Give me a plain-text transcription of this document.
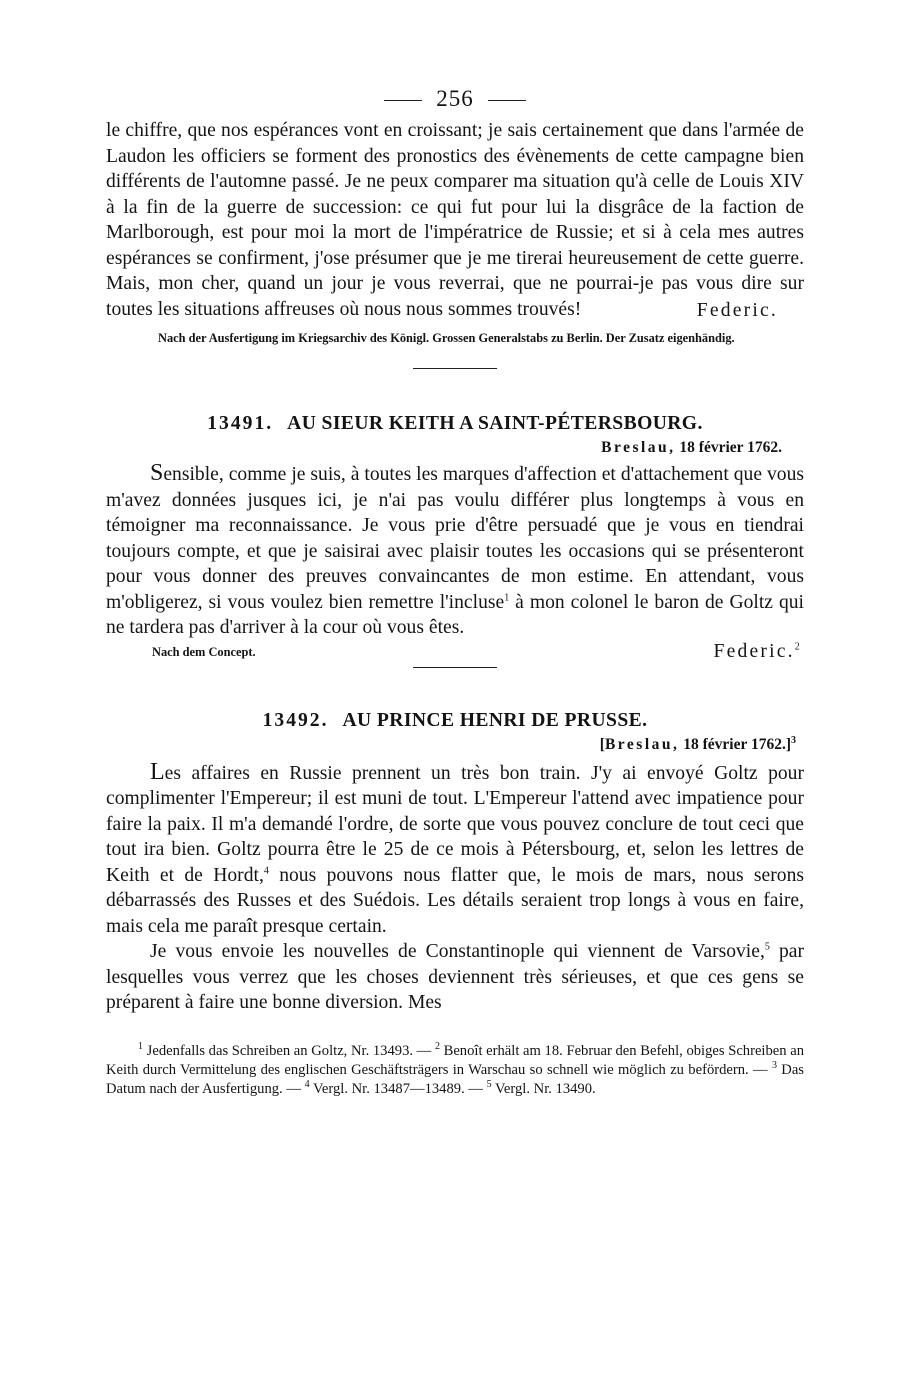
256

le chiffre, que nos espérances vont en croissant; je sais certainement que dans l'armée de Laudon les officiers se forment des pronostics des évènements de cette campagne bien différents de l'automne passé. Je ne peux comparer ma situation qu'à celle de Louis XIV à la fin de la guerre de succession: ce qui fut pour lui la disgrâce de la faction de Marlborough, est pour moi la mort de l'impératrice de Russie; et si à cela mes autres espérances se confirment, j'ose présumer que je me tirerai heureusement de cette guerre. Mais, mon cher, quand un jour je vous reverrai, que ne pourrai-je pas vous dire sur toutes les situations affreuses où nous nous sommes trouvés!	Federic.

Nach der Ausfertigung im Kriegsarchiv des Königl. Grossen Generalstabs zu Berlin. Der Zusatz eigenhändig.

13491. AU SIEUR KEITH A SAINT-PÉTERSBOURG.

Breslau, 18 février 1762.

Sensible, comme je suis, à toutes les marques d'affection et d'attachement que vous m'avez données jusques ici, je n'ai pas voulu différer plus longtemps à vous en témoigner ma reconnaissance. Je vous prie d'être persuadé que je vous en tiendrai toujours compte, et que je saisirai avec plaisir toutes les occasions qui se présenteront pour vous donner des preuves convaincantes de mon estime. En attendant, vous m'obligerez, si vous voulez bien remettre l'incluse$^1$ à mon colonel le baron de Goltz qui ne tardera pas d'arriver à la cour où vous êtes.

Nach dem Concept.	Federic.$^2$
13492. AU PRINCE HENRI DE PRUSSE.

[Breslau, 18 février 1762.]$^3$

Les affaires en Russie prennent un très bon train. J'y ai envoyé Goltz pour complimenter l'Empereur; il est muni de tout. L'Empereur l'attend avec impatience pour faire la paix. Il m'a demandé l'ordre, de sorte que vous pouvez conclure de tout ceci que tout ira bien. Goltz pourra être le 25 de ce mois à Pétersbourg, et, selon les lettres de Keith et de Hordt,$^4$ nous pouvons nous flatter que, le mois de mars, nous serons débarrassés des Russes et des Suédois. Les détails seraient trop longs à vous en faire, mais cela me paraît presque certain.

Je vous envoie les nouvelles de Constantinople qui viennent de Varsovie,$^5$ par lesquelles vous verrez que les choses deviennent très sérieuses, et que ces gens se préparent à faire une bonne diversion. Mes

$^1$ Jedenfalls das Schreiben an Goltz, Nr. 13493. — $^2$ Benoît erhält am 18. Februar den Befehl, obiges Schreiben an Keith durch Vermittelung des englischen Geschäftsträgers in Warschau so schnell wie möglich zu befördern. — $^3$ Das Datum nach der Ausfertigung. — $^4$ Vergl. Nr. 13487—13489. — $^5$ Vergl. Nr. 13490.
